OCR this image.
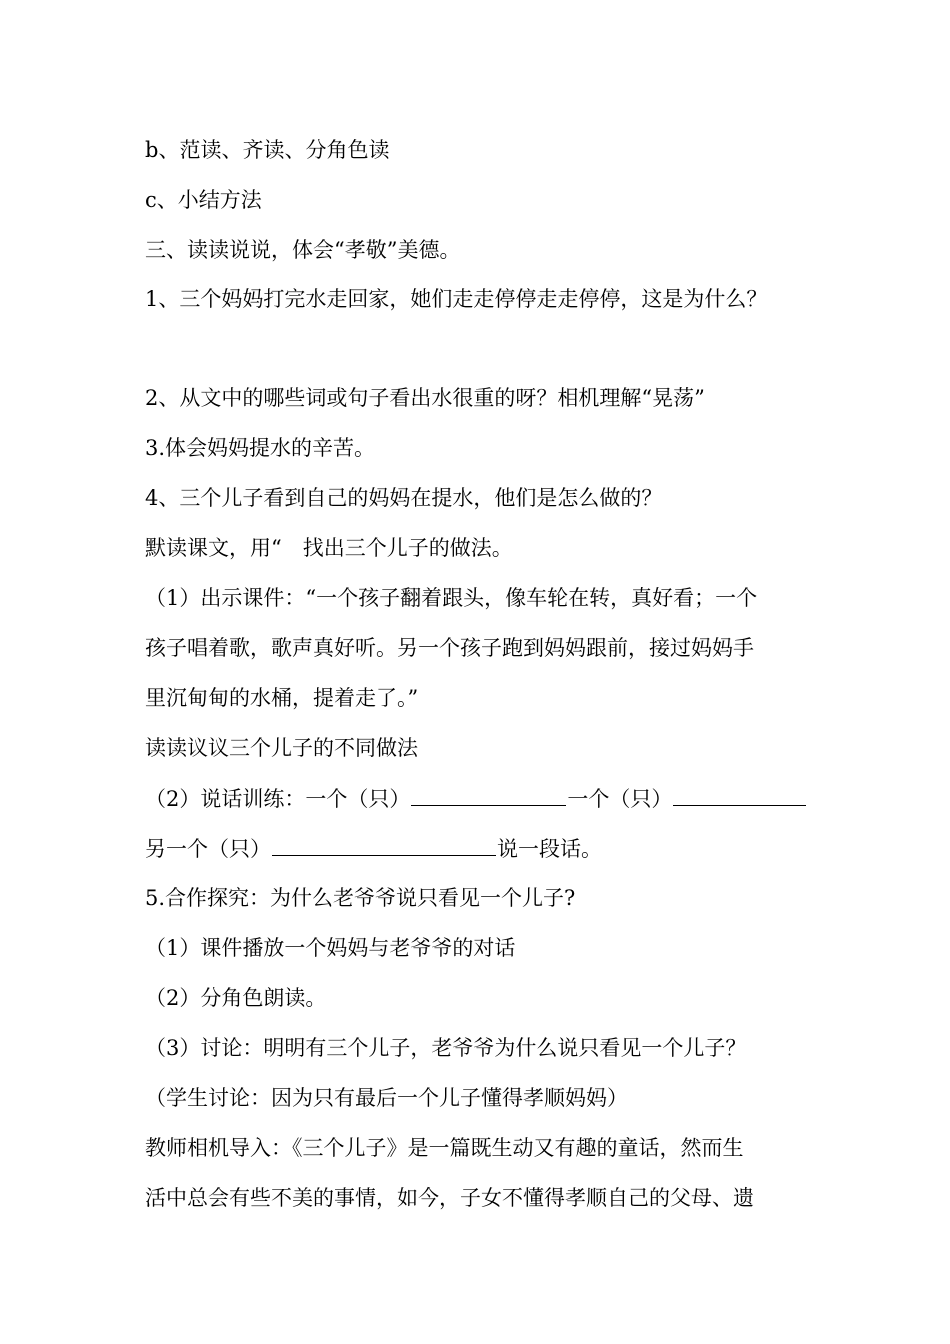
b、范读、齐读、分角色读
c、小结方法
三、读读说说，体会“孝敬”美德。
1、三个妈妈打完水走回家，她们走走停停走走停停，这是为什么？
2、从文中的哪些词或句子看出水很重的呀？相机理解“晃荡”
3.体会妈妈提水的辛苦。
4、三个儿子看到自己的妈妈在提水，他们是怎么做的？
默读课文，用“　找出三个儿子的做法。
（1）出示课件：“一个孩子翻着跟头，像车轮在转，真好看；一个
孩子唱着歌，歌声真好听。另一个孩子跑到妈妈跟前，接过妈妈手
里沉甸甸的水桶，提着走了。”
读读议议三个儿子的不同做法
（2）说话训练：一个（只）	一个（只）
另一个（只）	说一段话。
5.合作探究：为什么老爷爷说只看见一个儿子?
（1）课件播放一个妈妈与老爷爷的对话
（2）分角色朗读。
（3）讨论：明明有三个儿子，老爷爷为什么说只看见一个儿子？
（学生讨论：因为只有最后一个儿子懂得孝顺妈妈）
教师相机导入：《三个儿子》是一篇既生动又有趣的童话，然而生
活中总会有些不美的事情，如今，子女不懂得孝顺自己的父母、遗
